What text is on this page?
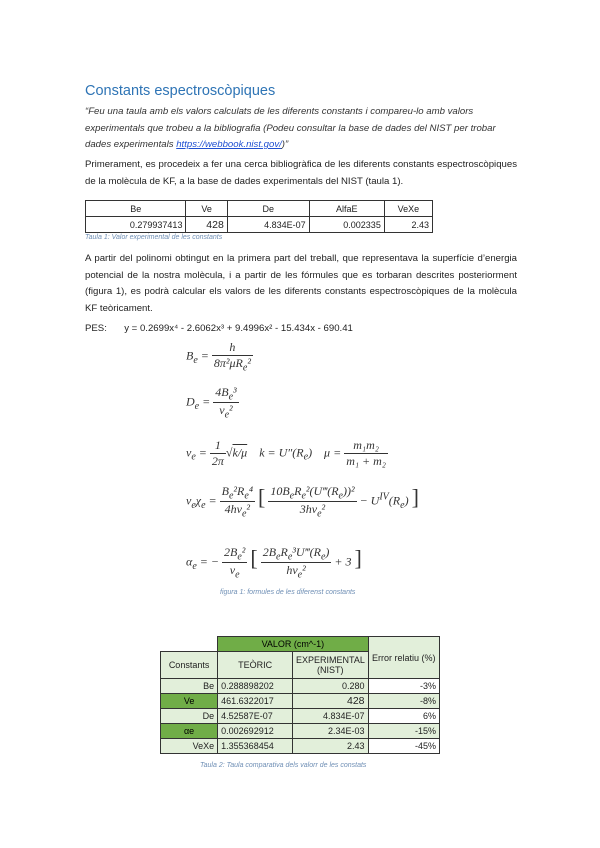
Constants espectroscòpiques
“Feu una taula amb els valors calculats de les diferents constants i compareu-lo amb valors experimentals que trobeu a la bibliografia (Podeu consultar la base de dades del NIST per trobar dades experimentals https://webbook.nist.gov/)”
Primerament, es procedeix a fer una cerca bibliogràfica de les diferents constants espectroscòpiques de la molècula de KF, a la base de dades experimentals del NIST (taula 1).
Be	Ve	De	AlfaE	VeXe
0.279937413	428	4.834E-07	0.002335	2.43
Taula 1: Valor experimental de les constants
A partir del polinomi obtingut en la primera part del treball, que representava la superfície d’energia potencial de la nostra molècula, i a partir de les fórmules que es torbaran descrites posteriorment (figura 1), es podrà calcular els valors de les diferents constants espectroscòpiques de la molècula KF teòricament.
PES: y = 0.2699x⁴ - 2.6062x³ + 9.4996x² - 15.434x - 690.41
$B_e = \frac{h}{8\pi^2\mu R_e^2}$
$D_e = \frac{4B_e^3}{\nu_e^2}$
$\nu_e = \frac{1}{2\pi} √k/\mu$    $k = U''(R_e)$    $\mu = \frac{\text{m₁m₂}}{\text{m₁ + m₂}}$
$\nu_e\chi_e = \frac{B_e^2R_e^4}{4h\nu_e^2}$ [ $\frac{10B_eR_e^2(U‴(R_e))^2}{3h\nu_e^2} - U^{IV}(R_e)$ ]
$\alpha_e$ = − $\frac{2B_e^2}{\nu_e}$ [ $\frac{2B_eR_e^3U‴(R_e)}{h\nu_e^2} + 3$ ]
figura 1: formules de les diferenst constants
	VALOR (cm^-1)		Error relatiu (%)
Constants	TEÒRIC	EXPERIMENTAL (NIST)	
Be	0.288898202	0.280	-3%
Ve	461.6322017	428	-8%
De	4.52587E-07	4.834E-07	6%
αe	0.002692912	2.34E-03	-15%
VeXe	1.355368454	2.43	-45%
Taula 2: Taula comparativa dels valorr de les constats
